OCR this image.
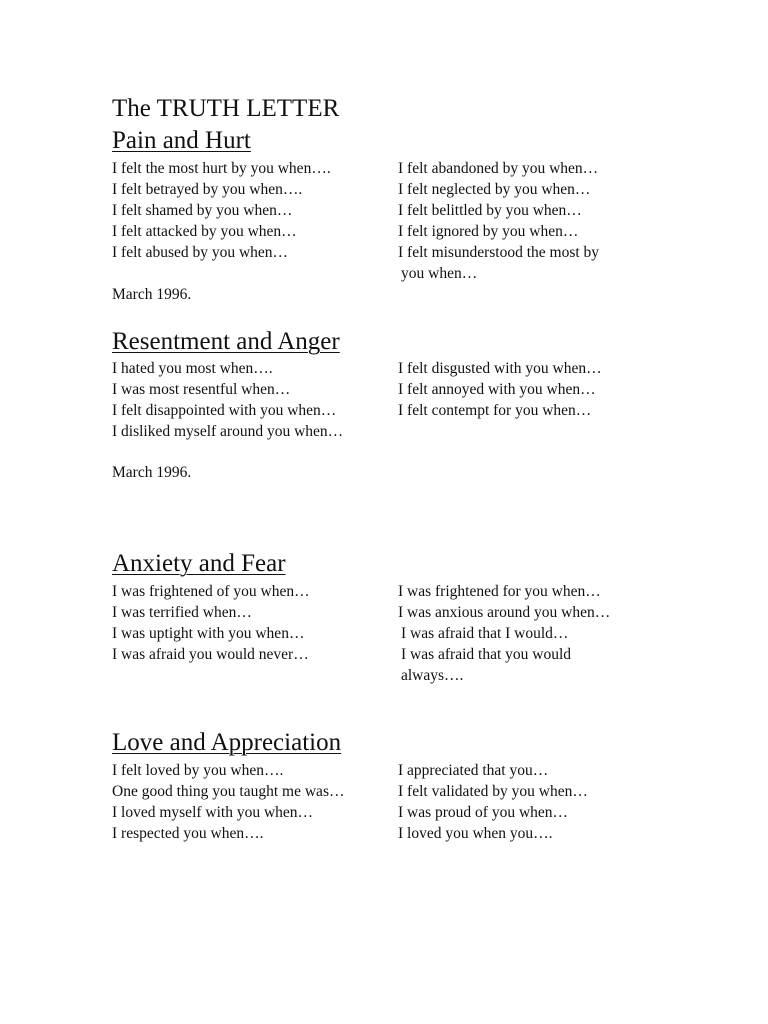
The TRUTH LETTER
Pain and Hurt
I felt the most hurt by you when….
I felt betrayed by you when….
I felt shamed by you when…
I felt attacked by you when…
I felt abused by you when…
I felt abandoned by you when…
I felt neglected by you when…
I felt belittled by you when…
I felt ignored by you when…
I felt misunderstood the most by
you when…
March 1996.
Resentment and Anger
I hated you most when….
I was most resentful when…
I felt disappointed with you when…
I disliked myself around you when…
I felt disgusted with you when…
I felt annoyed with you when…
I felt contempt for you when…
March 1996.
Anxiety and Fear
I was frightened of you when…
I was terrified when…
I was uptight with you when…
I was afraid you would never…
I was frightened for you when…
I was anxious around you when…
I was afraid that I would…
I was afraid that you would
always….
Love and Appreciation
I felt loved by you when….
One good thing you taught me was…
I loved myself with you when…
I respected you when….
I appreciated that you…
I felt validated by you when…
I was proud of you when…
I loved you when you….
